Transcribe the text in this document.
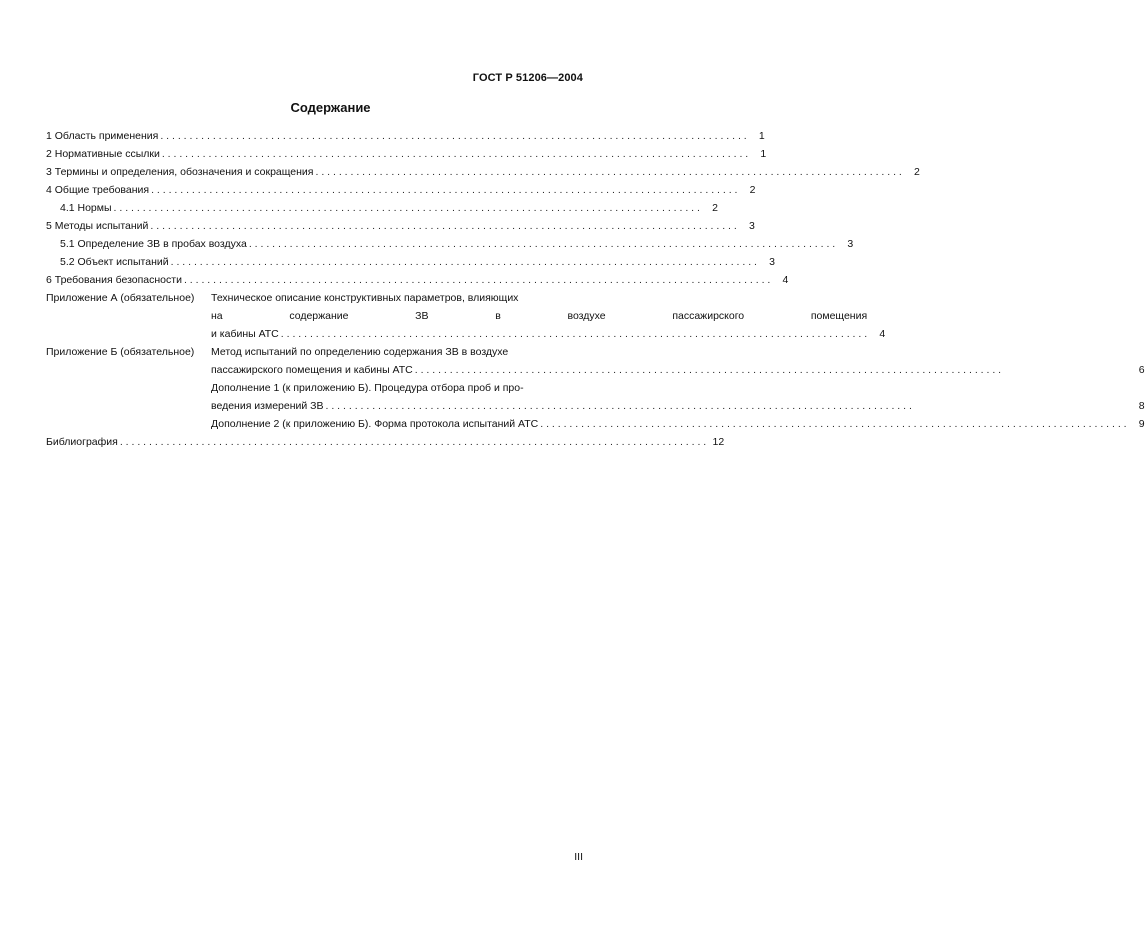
ГОСТ Р 51206—2004
Содержание
1 Область применения . . .	1
2 Нормативные ссылки . . .	1
3 Термины и определения, обозначения и сокращения . . .	2
4 Общие требования . . .	2
4.1 Нормы . . .	2
5 Методы испытаний . . .	3
5.1 Определение ЗВ в пробах воздуха . . .	3
5.2 Объект испытаний . . .	3
6 Требования безопасности . . .	4
Приложение А (обязательное)	Техническое описание конструктивных параметров, влияющих
на содержание ЗВ в воздухе пассажирского помещения
и кабины АТС . . .	4
Приложение Б (обязательное)	Метод испытаний по определению содержания ЗВ в воздухе
пассажирского помещения и кабины АТС . . .	6
Дополнение 1 (к приложению Б). Процедура отбора проб и про-
ведения измерений ЗВ . . .	8
Дополнение 2 (к приложению Б). Форма протокола испытаний АТС . . .	9
Библиография . . .	12
III
